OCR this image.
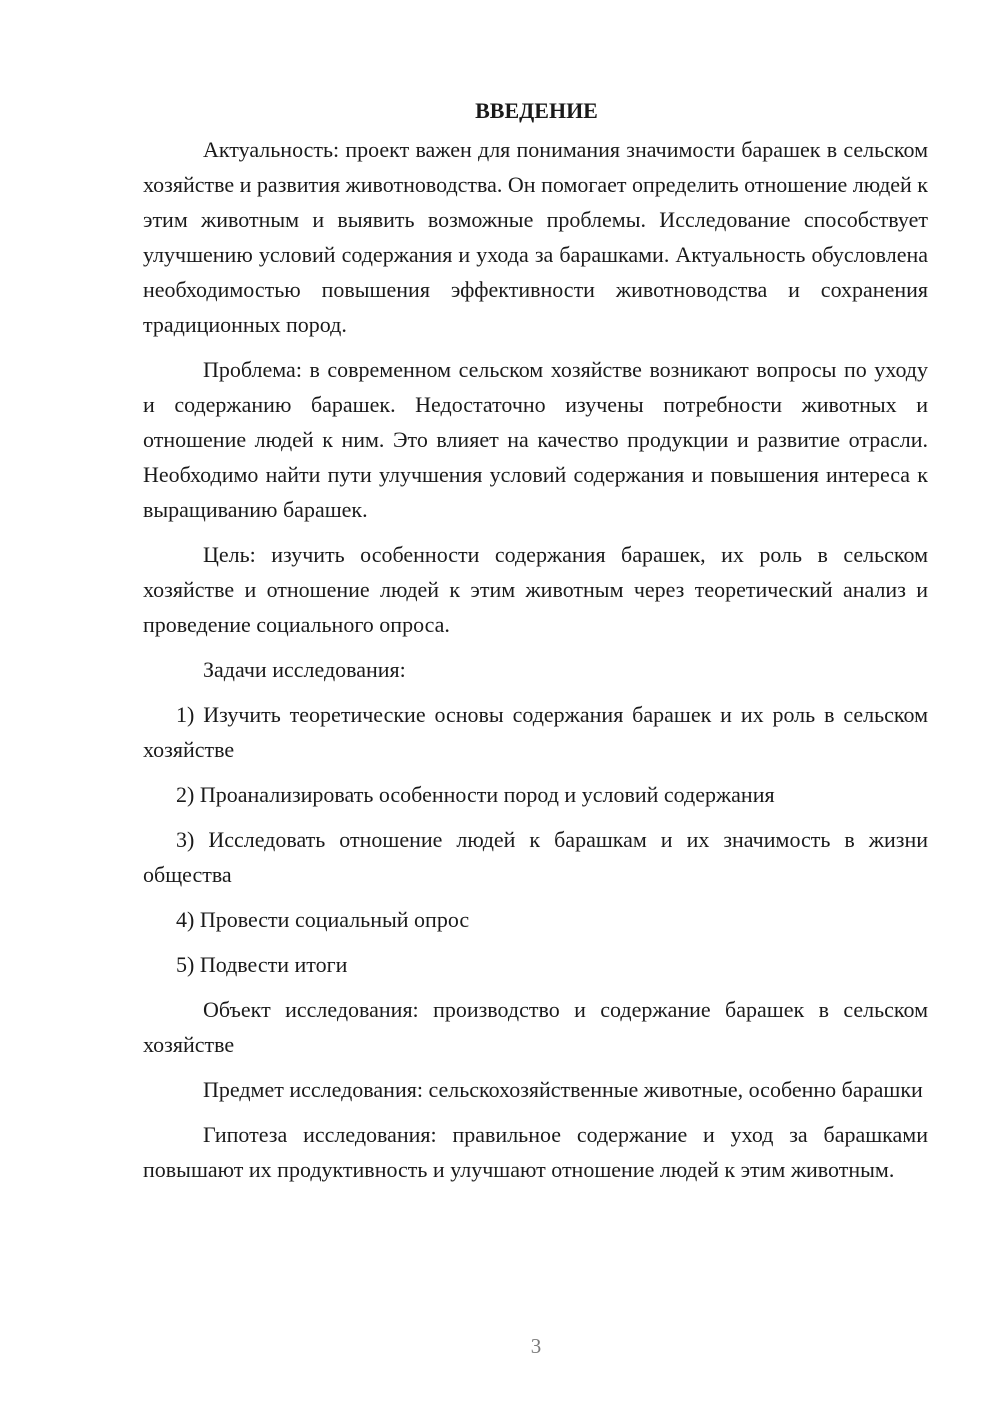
ВВЕДЕНИЕ

Актуальность: проект важен для понимания значимости барашек в сельском хозяйстве и развития животноводства. Он помогает определить отношение людей к этим животным и выявить возможные проблемы. Исследование способствует улучшению условий содержания и ухода за барашками. Актуальность обусловлена необходимостью повышения эффективности животноводства и сохранения традиционных пород.

Проблема: в современном сельском хозяйстве возникают вопросы по уходу и содержанию барашек. Недостаточно изучены потребности животных и отношение людей к ним. Это влияет на качество продукции и развитие отрасли. Необходимо найти пути улучшения условий содержания и повышения интереса к выращиванию барашек.

Цель: изучить особенности содержания барашек, их роль в сельском хозяйстве и отношение людей к этим животным через теоретический анализ и проведение социального опроса.

Задачи исследования:

1) Изучить теоретические основы содержания барашек и их роль в сельском хозяйстве

2) Проанализировать особенности пород и условий содержания

3) Исследовать отношение людей к барашкам и их значимость в жизни общества

4) Провести социальный опрос

5) Подвести итоги

Объект исследования: производство и содержание барашек в сельском хозяйстве

Предмет исследования: сельскохозяйственные животные, особенно барашки

Гипотеза исследования: правильное содержание и уход за барашками повышают их продуктивность и улучшают отношение людей к этим животным.

3
